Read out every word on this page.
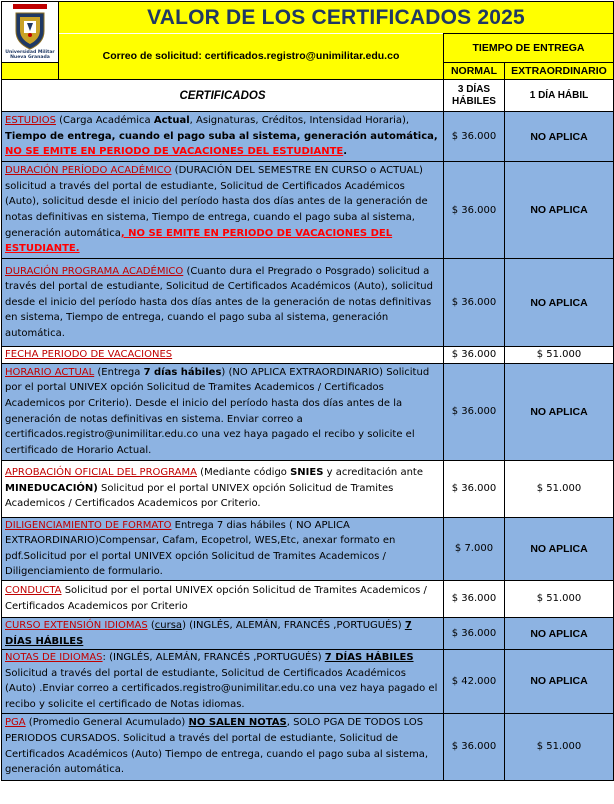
Universidad Militar
Nueva Granada	VALOR DE LOS CERTIFICADOS 2025		
	Correo de solicitud: certificados.registro@unimilitar.edu.co	TIEMPO DE ENTREGA	
		NORMAL	EXTRAORDINARIO
CERTIFICADOS		3 DÍAS HÁBILES	1 DÍA HÁBIL
ESTUDIOS (Carga Académica Actual, Asignaturas, Créditos, Intensidad Horaria), Tiempo de entrega, cuando el pago suba al sistema, generación automática, NO SE EMITE EN PERIODO DE VACACIONES DEL ESTUDIANTE.		$ 36.000	NO APLICA
DURACIÓN PERÍODO ACADÉMICO (DURACIÓN DEL SEMESTRE EN CURSO o ACTUAL) solicitud a través del portal de estudiante, Solicitud de Certificados Académicos (Auto), solicitud desde el inicio del período hasta dos días antes de la generación de notas definitivas en sistema, Tiempo de entrega, cuando el pago suba al sistema, generación automática, NO SE EMITE EN PERIODO DE VACACIONES DEL ESTUDIANTE.		$ 36.000	NO APLICA
DURACIÓN PROGRAMA ACADÉMICO (Cuanto dura el Pregrado o Posgrado) solicitud a través del portal de estudiante, Solicitud de Certificados Académicos (Auto), solicitud desde el inicio del período hasta dos días antes de la generación de notas definitivas en sistema, Tiempo de entrega, cuando el pago suba al sistema, generación automática.		$ 36.000	NO APLICA
FECHA PERIODO DE VACACIONES		$ 36.000	$ 51.000
HORARIO ACTUAL (Entrega 7 días hábiles) (NO APLICA EXTRAORDINARIO) Solicitud por el portal UNIVEX opción Solicitud de Tramites Academicos / Certificados Academicos por Criterio). Desde el inicio del período hasta dos días antes de la generación de notas definitivas en sistema. Enviar correo a certificados.registro@unimilitar.edu.co una vez haya pagado el recibo y solicite el certificado de Horario Actual.		$ 36.000	NO APLICA
APROBACIÓN OFICIAL DEL PROGRAMA (Mediante código SNIES y acreditación ante MINEDUCACIÓN) Solicitud por el portal UNIVEX opción Solicitud de Tramites Academicos / Certificados Academicos por Criterio.		$ 36.000	$ 51.000
DILIGENCIAMIENTO DE FORMATO Entrega 7 dias hábiles ( NO APLICA EXTRAORDINARIO)Compensar, Cafam, Ecopetrol, WES,Etc, anexar formato en pdf.Solicitud por el portal UNIVEX opción Solicitud de Tramites Academicos / Diligenciamiento de formulario.		$ 7.000	NO APLICA
CONDUCTA Solicitud por el portal UNIVEX opción Solicitud de Tramites Academicos / Certificados Academicos por Criterio		$ 36.000	$ 51.000
CURSO EXTENSIÓN IDIOMAS (cursa) (INGLÉS, ALEMÁN, FRANCÉS ,PORTUGUÉS) 7 DÍAS HÁBILES		$ 36.000	NO APLICA
NOTAS DE IDIOMAS: (INGLÉS, ALEMÁN, FRANCÉS ,PORTUGUÉS) 7 DÍAS HÁBILES Solicitud a través del portal de estudiante, Solicitud de Certificados Académicos (Auto) .Enviar correo a certificados.registro@unimilitar.edu.co una vez haya pagado el recibo y solicite el certificado de Notas idiomas.		$ 42.000	NO APLICA
PGA (Promedio General Acumulado) NO SALEN NOTAS, SOLO PGA DE TODOS LOS PERIODOS CURSADOS. Solicitud a través del portal de estudiante, Solicitud de Certificados Académicos (Auto) Tiempo de entrega, cuando el pago suba al sistema, generación automática.		$ 36.000	$ 51.000
